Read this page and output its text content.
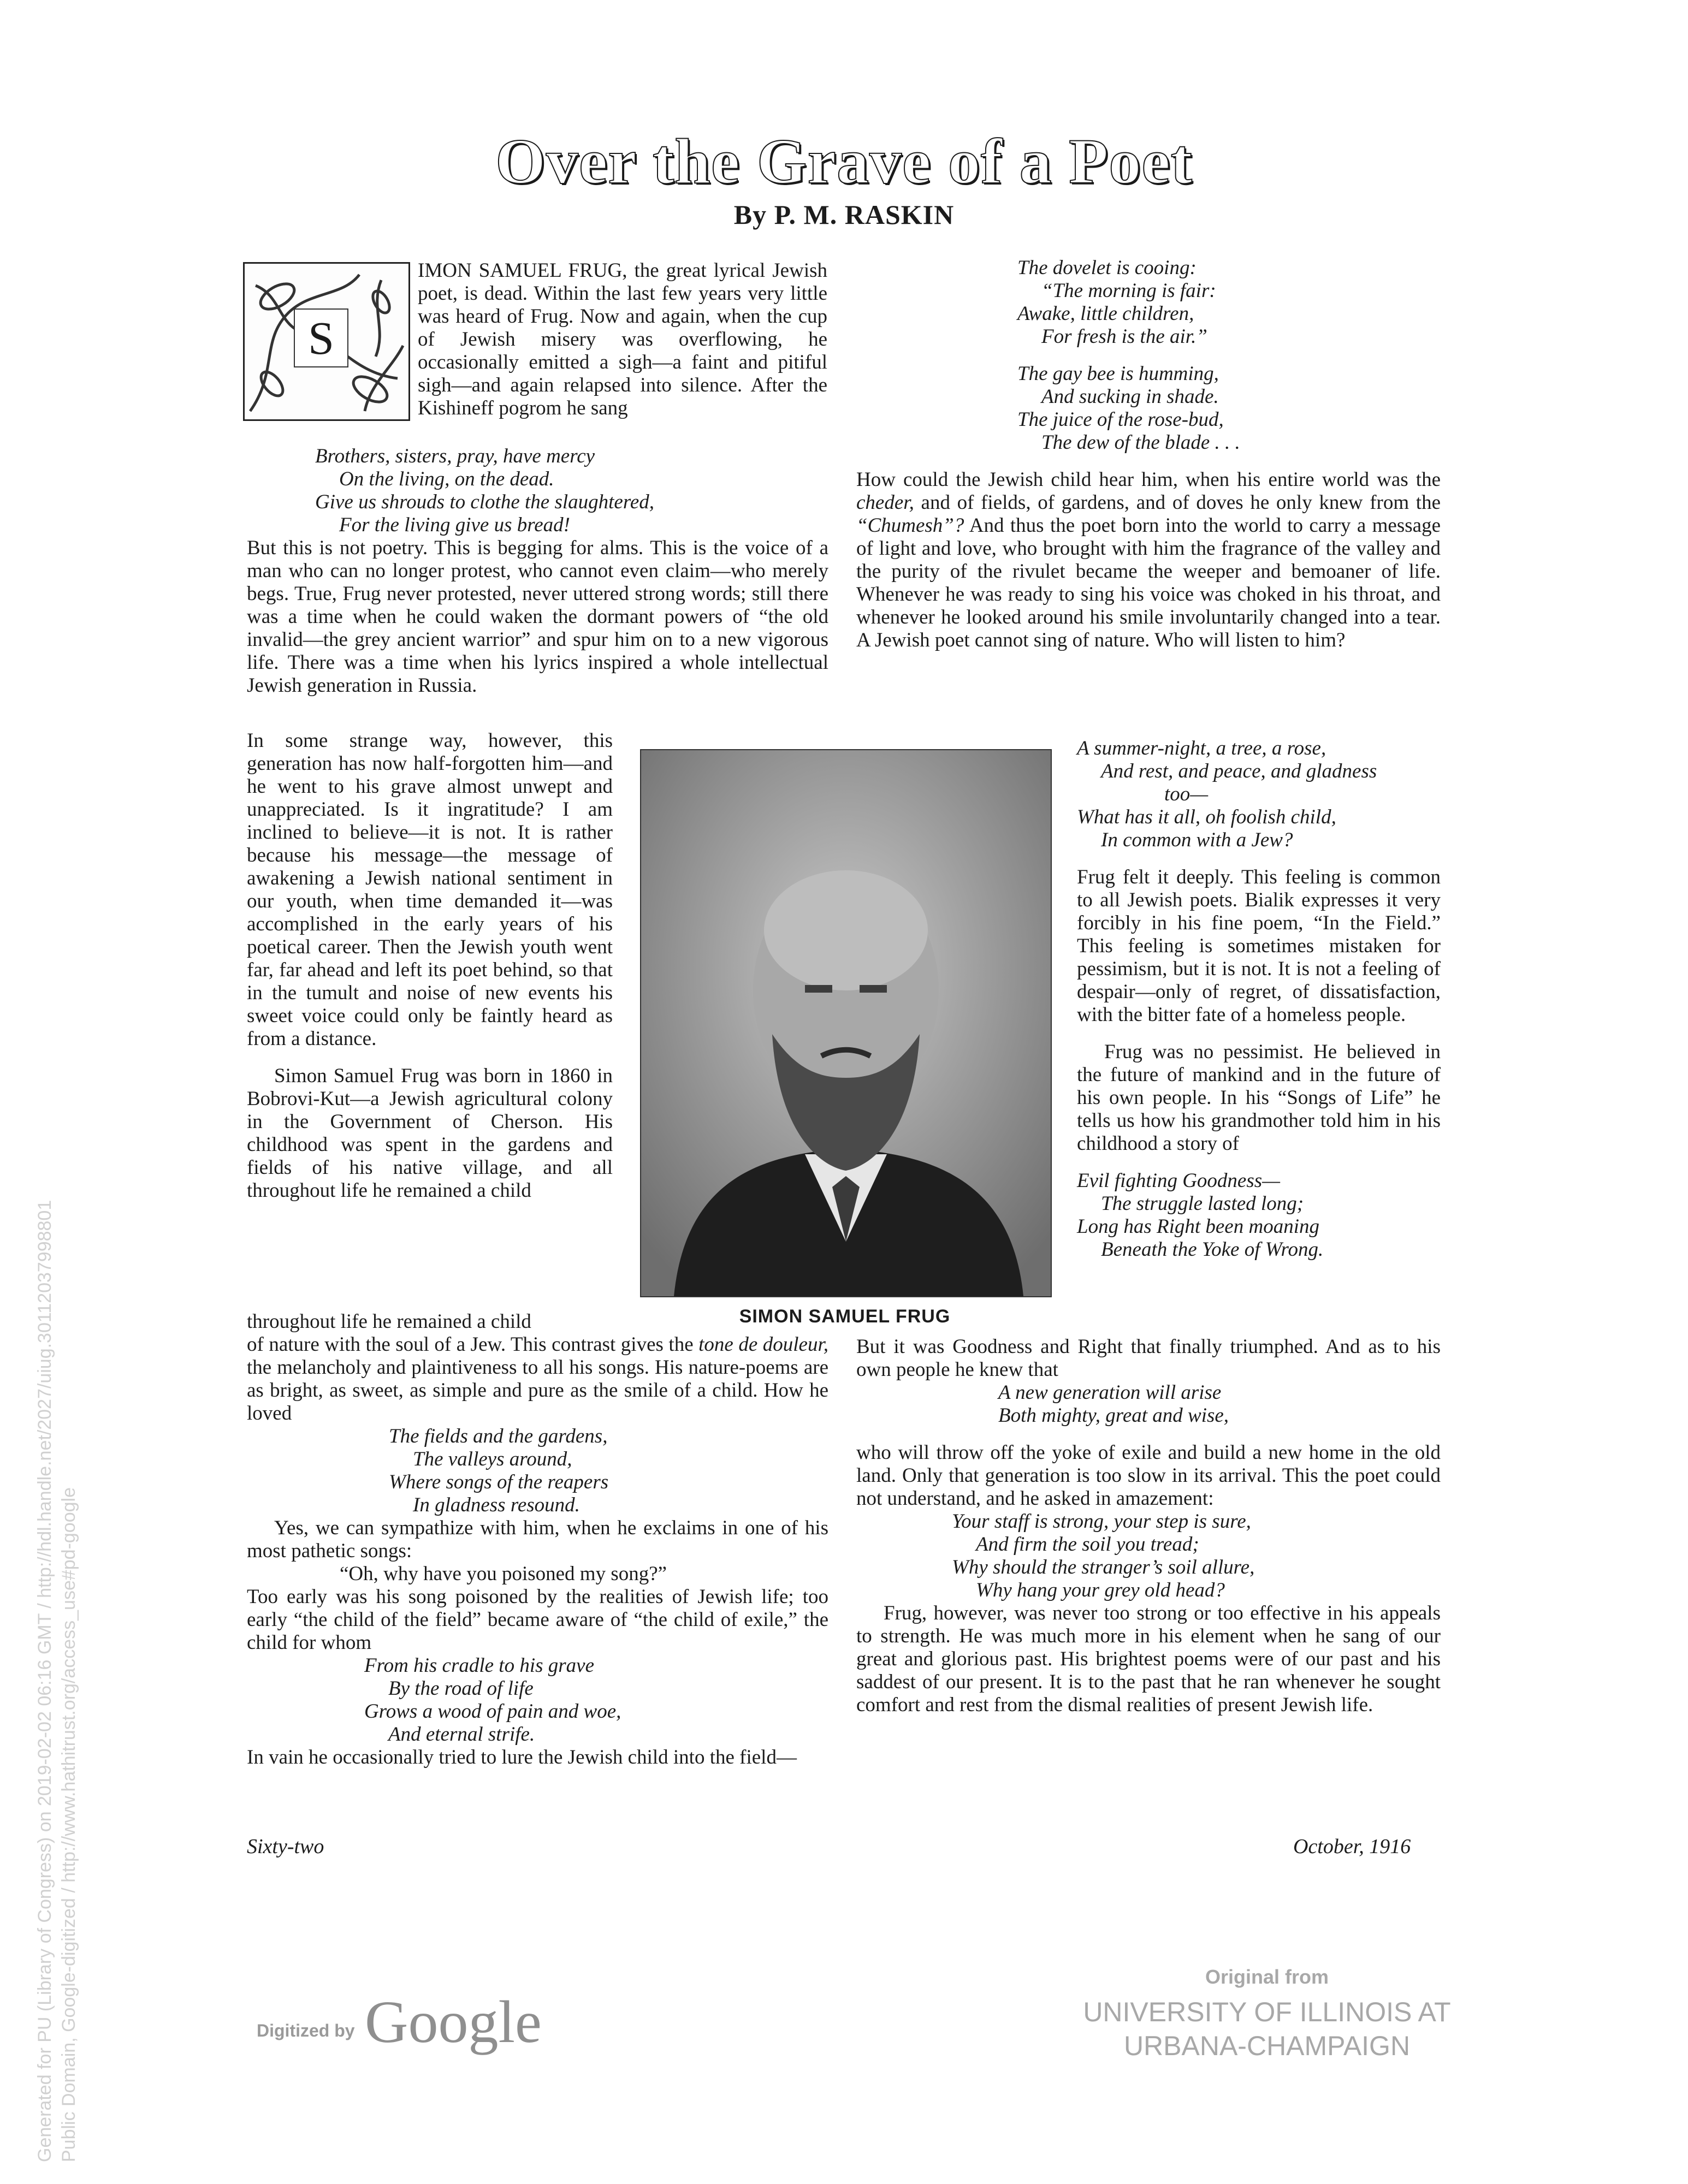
Over the Grave of a Poet
By P. M. RASKIN
S

IMON SAMUEL FRUG, the great lyrical Jewish poet, is dead. Within the last few years very little was heard of Frug. Now and again, when the cup of Jewish misery was overflowing, he occasionally emitted a sigh—a faint and pitiful sigh—and again relapsed into silence. After the Kishineff pogrom he sang

Brothers, sisters, pray, have mercy
On the living, on the dead.
Give us shrouds to clothe the slaughtered,
For the living give us bread!

But this is not poetry. This is begging for alms. This is the voice of a man who can no longer protest, who cannot even claim—who merely begs. True, Frug never protested, never uttered strong words; still there was a time when he could waken the dormant powers of “the old invalid—the grey ancient warrior” and spur him on to a new vigorous life. There was a time when his lyrics inspired a whole intellectual Jewish generation in Russia.

In some strange way, however, this generation has now half-forgotten him—and he went to his grave almost unwept and unappreciated. Is it ingratitude? I am inclined to believe—it is not. It is rather because his message—the message of awakening a Jewish national sentiment in our youth, when time demanded it—was accomplished in the early years of his poetical career. Then the Jewish youth went far, far ahead and left its poet behind, so that in the tumult and noise of new events his sweet voice could only be faintly heard as from a distance.

Simon Samuel Frug was born in 1860 in Bobrovi-Kut—a Jewish agricultural colony in the Government of Cherson. His childhood was spent in the gardens and fields of his native village, and all throughout life he remained a child

SIMON SAMUEL FRUG

throughout life he remained a child

of nature with the soul of a Jew. This contrast gives the tone de douleur, the melancholy and plaintiveness to all his songs. His nature-poems are as bright, as sweet, as simple and pure as the smile of a child. How he loved

The fields and the gardens,
The valleys around,
Where songs of the reapers
In gladness resound.

Yes, we can sympathize with him, when he exclaims in one of his most pathetic songs:

“Oh, why have you poisoned my song?”

Too early was his song poisoned by the realities of Jewish life; too early “the child of the field” became aware of “the child of exile,” the child for whom

From his cradle to his grave
By the road of life
Grows a wood of pain and woe,
And eternal strife.

In vain he occasionally tried to lure the Jewish child into the field—

The dovelet is cooing:
“The morning is fair:
Awake, little children,
For fresh is the air.”
The gay bee is humming,
And sucking in shade.
The juice of the rose-bud,
The dew of the blade . . .

How could the Jewish child hear him, when his entire world was the cheder, and of fields, of gardens, and of doves he only knew from the “Chumesh”? And thus the poet born into the world to carry a message of light and love, who brought with him the fragrance of the valley and the purity of the rivulet became the weeper and bemoaner of life. Whenever he was ready to sing his voice was choked in his throat, and whenever he looked around his smile involuntarily changed into a tear. A Jewish poet cannot sing of nature. Who will listen to him?

A summer-night, a tree, a rose,
And rest, and peace, and gladness
too—
What has it all, oh foolish child,
In common with a Jew?

Frug felt it deeply. This feeling is common to all Jewish poets. Bialik expresses it very forcibly in his fine poem, “In the Field.” This feeling is sometimes mistaken for pessimism, but it is not. It is not a feeling of despair—only of regret, of dissatisfaction, with the bitter fate of a homeless people.

Frug was no pessimist. He believed in the future of mankind and in the future of his own people. In his “Songs of Life” he tells us how his grandmother told him in his childhood a story of

Evil fighting Goodness—
The struggle lasted long;
Long has Right been moaning
Beneath the Yoke of Wrong.

But it was Goodness and Right that finally triumphed. And as to his own people he knew that

A new generation will arise
Both mighty, great and wise,

who will throw off the yoke of exile and build a new home in the old land. Only that generation is too slow in its arrival. This the poet could not understand, and he asked in amazement:

Your staff is strong, your step is sure,
And firm the soil you tread;
Why should the stranger’s soil allure,
Why hang your grey old head?

Frug, however, was never too strong or too effective in his appeals to strength. He was much more in his element when he sang of our great and glorious past. His brightest poems were of our past and his saddest of our present. It is to the past that he ran whenever he sought comfort and rest from the dismal realities of present Jewish life.

Sixty-two	October, 1916
Generated for PU (Library of Congress) on 2019-02-02 06:16 GMT / http://hdl.handle.net/2027/uiug.30112037998801 Public Domain, Google-digitized / http://www.hathitrust.org/access_use#pd-google	Digitized by Google
Original from
UNIVERSITY OF ILLINOIS AT
URBANA-CHAMPAIGN
